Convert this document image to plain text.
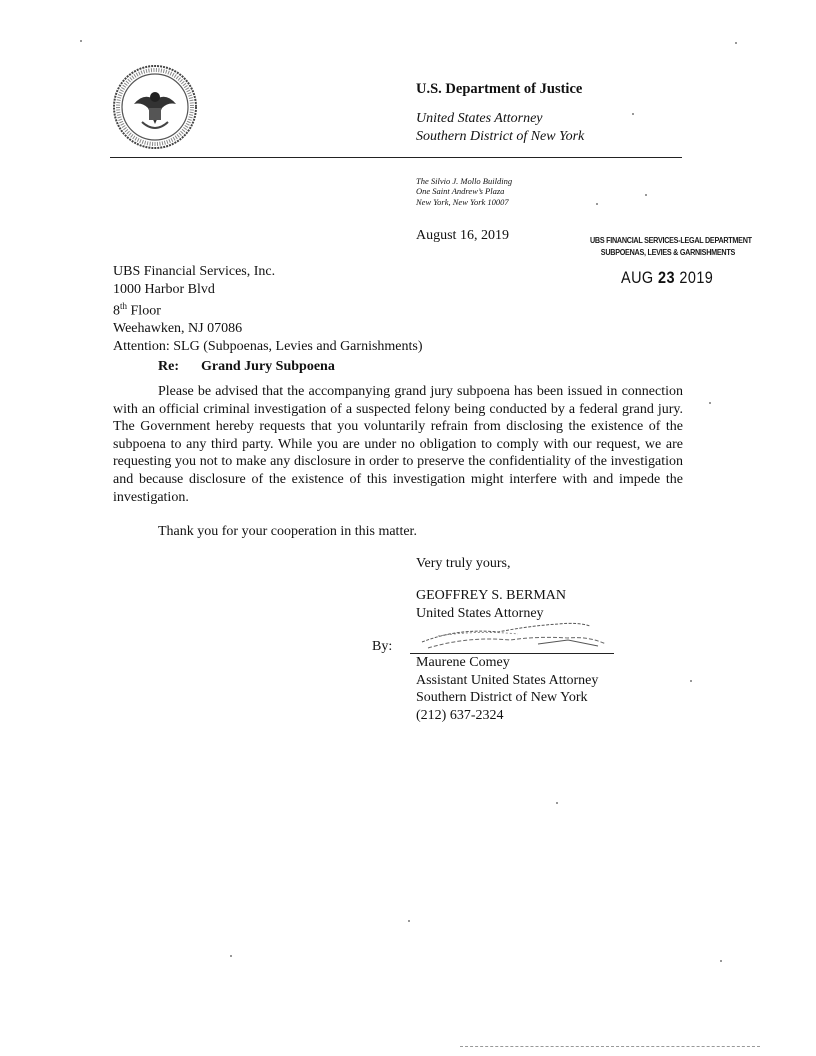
U.S. Department of Justice
United States Attorney
Southern District of New York
The Silvio J. Mollo Building
One Saint Andrew’s Plaza
New York, New York 10007
August 16, 2019	UBS FINANCIAL SERVICES-LEGAL DEPARTMENT
SUBPOENAS, LEVIES & GARNISHMENTS
AUG 23 2019
UBS Financial Services, Inc.
1000 Harbor Blvd
8th Floor
Weehawken, NJ 07086
Attention: SLG (Subpoenas, Levies and Garnishments)
Re: Grand Jury Subpoena
Please be advised that the accompanying grand jury subpoena has been issued in connection with an official criminal investigation of a suspected felony being conducted by a federal grand jury. The Government hereby requests that you voluntarily refrain from disclosing the existence of the subpoena to any third party. While you are under no obligation to comply with our request, we are requesting you not to make any disclosure in order to preserve the confidentiality of the investigation and because disclosure of the existence of this investigation might interfere with and impede the investigation.
Thank you for your cooperation in this matter.
Very truly yours,
GEOFFREY S. BERMAN
United States Attorney
By:
Maurene Comey
Assistant United States Attorney
Southern District of New York
(212) 637-2324
